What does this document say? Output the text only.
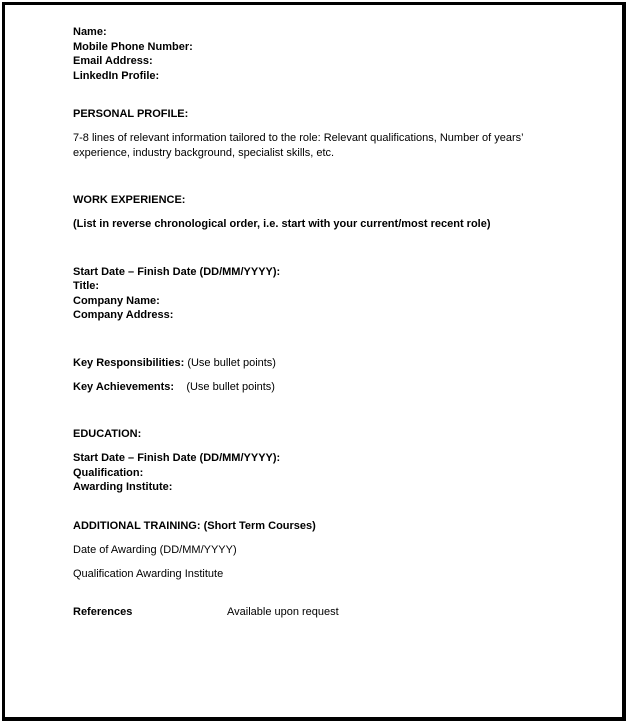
Name:
Mobile Phone Number:
Email Address:
LinkedIn Profile:
PERSONAL PROFILE:
7-8 lines of relevant information tailored to the role: Relevant qualifications, Number of years’ experience, industry background, specialist skills, etc.
WORK EXPERIENCE:
(List in reverse chronological order, i.e. start with your current/most recent role)
Start Date – Finish Date (DD/MM/YYYY):
Title:
Company Name:
Company Address:
Key Responsibilities: (Use bullet points)
Key Achievements:    (Use bullet points)
EDUCATION:
Start Date – Finish Date (DD/MM/YYYY):
Qualification:
Awarding Institute:
ADDITIONAL TRAINING: (Short Term Courses)
Date of Awarding (DD/MM/YYYY)
Qualification Awarding Institute
References	Available upon request
